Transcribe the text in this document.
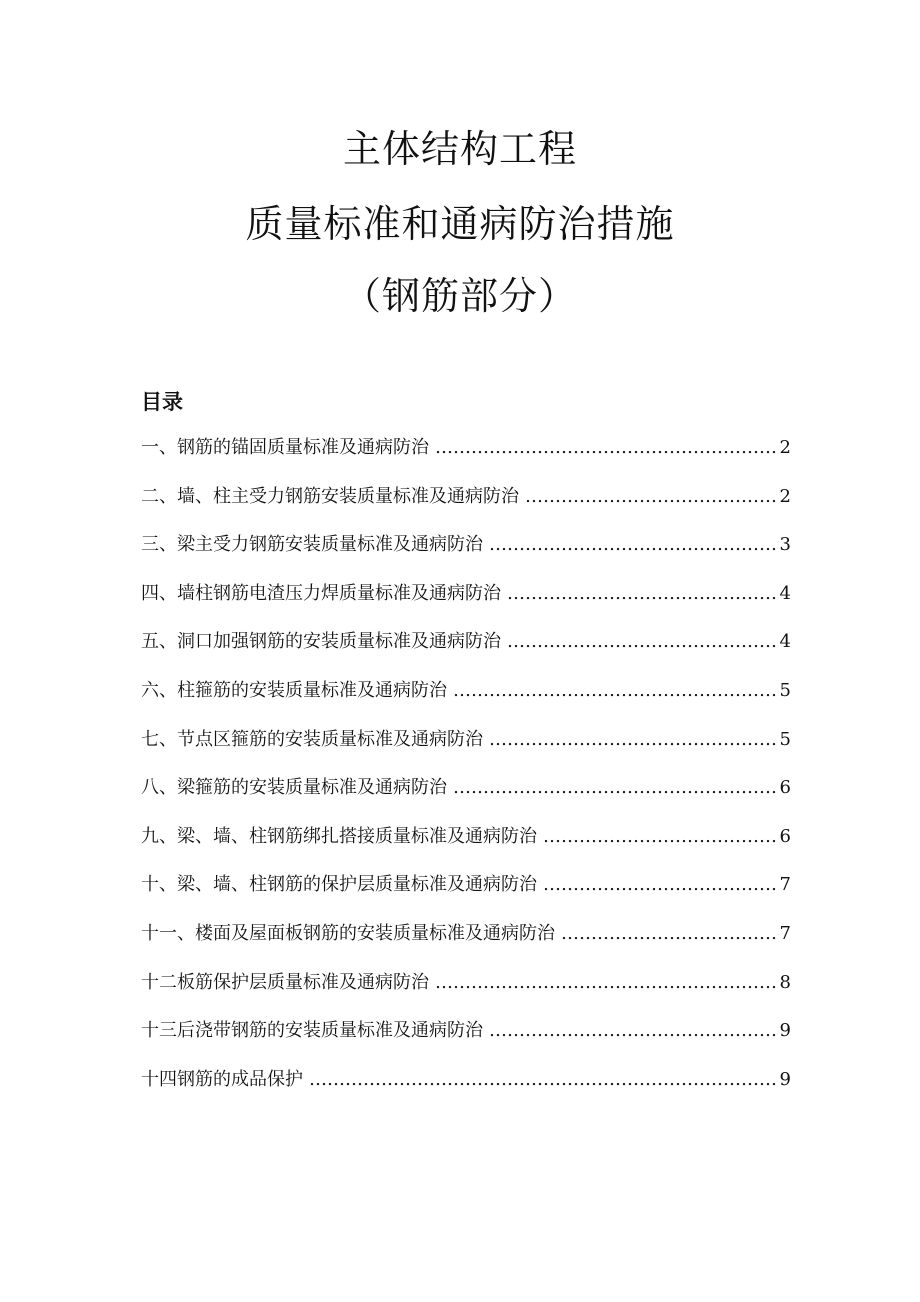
主体结构工程
质量标准和通病防治措施
（钢筋部分）
目录
一、钢筋的锚固质量标准及通病防治 ………………………………………………………………………………………………………………………………	2
二、墙、柱主受力钢筋安装质量标准及通病防治 ………………………………………………………………………………………………………………………………	2
三、梁主受力钢筋安装质量标准及通病防治 ………………………………………………………………………………………………………………………………	3
四、墙柱钢筋电渣压力焊质量标准及通病防治 ………………………………………………………………………………………………………………………………	4
五、洞口加强钢筋的安装质量标准及通病防治 ………………………………………………………………………………………………………………………………	4
六、柱箍筋的安装质量标准及通病防治 ………………………………………………………………………………………………………………………………	5
七、节点区箍筋的安装质量标准及通病防治 ………………………………………………………………………………………………………………………………	5
八、梁箍筋的安装质量标准及通病防治 ………………………………………………………………………………………………………………………………	6
九、梁、墙、柱钢筋绑扎搭接质量标准及通病防治 ………………………………………………………………………………………………………………………………	6
十、梁、墙、柱钢筋的保护层质量标准及通病防治 ………………………………………………………………………………………………………………………………	7
十一、楼面及屋面板钢筋的安装质量标准及通病防治 ………………………………………………………………………………………………………………………………	7
十二板筋保护层质量标准及通病防治 ………………………………………………………………………………………………………………………………	8
十三后浇带钢筋的安装质量标准及通病防治 ………………………………………………………………………………………………………………………………	9
十四钢筋的成品保护 ………………………………………………………………………………………………………………………………	9
